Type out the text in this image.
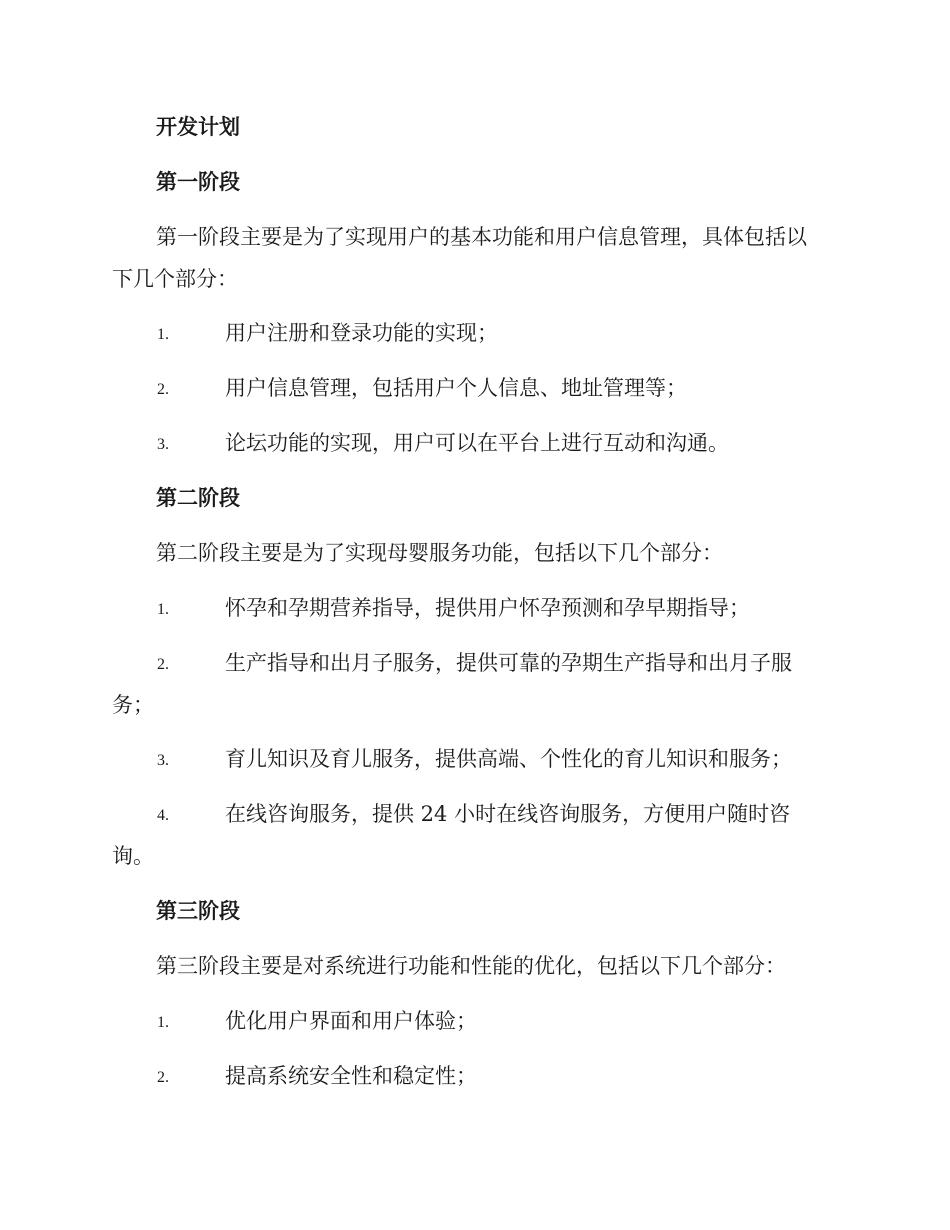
开发计划
第一阶段
第一阶段主要是为了实现用户的基本功能和用户信息管理，具体包括以
下几个部分：
1.	用户注册和登录功能的实现；
2.	用户信息管理，包括用户个人信息、地址管理等；
3.	论坛功能的实现，用户可以在平台上进行互动和沟通。
第二阶段
第二阶段主要是为了实现母婴服务功能，包括以下几个部分：
1.	怀孕和孕期营养指导，提供用户怀孕预测和孕早期指导；
2.	生产指导和出月子服务，提供可靠的孕期生产指导和出月子服
务；
3.	育儿知识及育儿服务，提供高端、个性化的育儿知识和服务；
4.	在线咨询服务，提供 24 小时在线咨询服务，方便用户随时咨
询。
第三阶段
第三阶段主要是对系统进行功能和性能的优化，包括以下几个部分：
1.	优化用户界面和用户体验；
2.	提高系统安全性和稳定性；
